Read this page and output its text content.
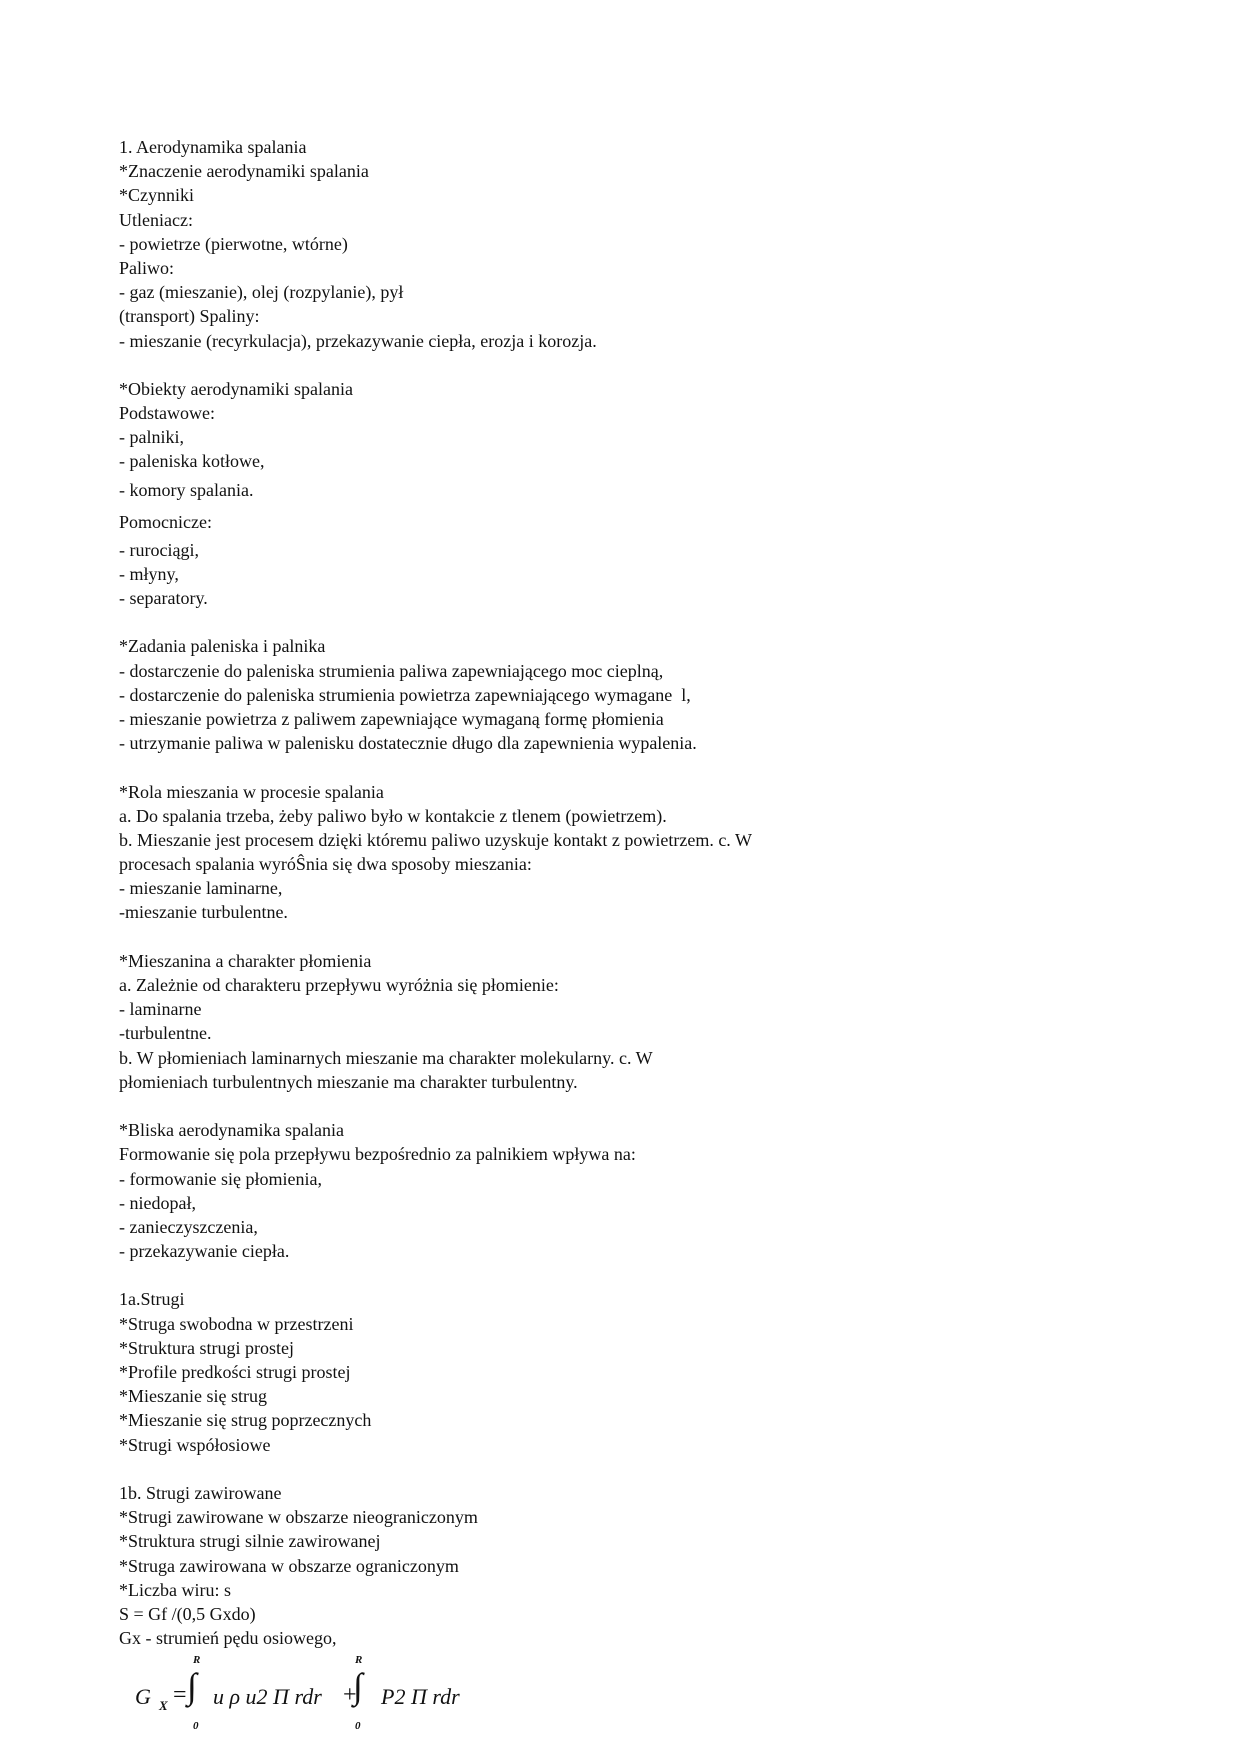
1. Aerodynamika spalania
*Znaczenie aerodynamiki spalania
*Czynniki
Utleniacz:
- powietrze (pierwotne, wtórne)
Paliwo:
- gaz (mieszanie), olej (rozpylanie), pył
(transport) Spaliny:
- mieszanie (recyrkulacja), przekazywanie ciepła, erozja i korozja.
*Obiekty aerodynamiki spalania
Podstawowe:
- palniki,
- paleniska kotłowe,
- komory spalania.
Pomocnicze:
- rurociągi,
- młyny,
- separatory.
*Zadania paleniska i palnika
- dostarczenie do paleniska strumienia paliwa zapewniającego moc cieplną,
- dostarczenie do paleniska strumienia powietrza zapewniającego wymagane  l,
- mieszanie powietrza z paliwem zapewniające wymaganą formę płomienia
- utrzymanie paliwa w palenisku dostatecznie długo dla zapewnienia wypalenia.
*Rola mieszania w procesie spalania
a. Do spalania trzeba, żeby paliwo było w kontakcie z tlenem (powietrzem).
b. Mieszanie jest procesem dzięki któremu paliwo uzyskuje kontakt z powietrzem. c. W
procesach spalania wyróŜnia się dwa sposoby mieszania:
- mieszanie laminarne,
-mieszanie turbulentne.
*Mieszanina a charakter płomienia
a. Zależnie od charakteru przepływu wyróżnia się płomienie:
- laminarne
-turbulentne.
b. W płomieniach laminarnych mieszanie ma charakter molekularny. c. W
płomieniach turbulentnych mieszanie ma charakter turbulentny.
*Bliska aerodynamika spalania
Formowanie się pola przepływu bezpośrednio za palnikiem wpływa na:
- formowanie się płomienia,
- niedopał,
- zanieczyszczenia,
- przekazywanie ciepła.
1a.Strugi
*Struga swobodna w przestrzeni
*Struktura strugi prostej
*Profile predkości strugi prostej
*Mieszanie się strug
*Mieszanie się strug poprzecznych
*Strugi współosiowe
1b. Strugi zawirowane
*Strugi zawirowane w obszarze nieograniczonym
*Struktura strugi silnie zawirowanej
*Struga zawirowana w obszarze ograniczonym
*Liczba wiru: s
S = Gf /(0,5 Gxdo)
Gx - strumień pędu osiowego,
G X =
R
∫
0
u ρ u2 Π rdr +
R
∫
0
P2 Π rdr
